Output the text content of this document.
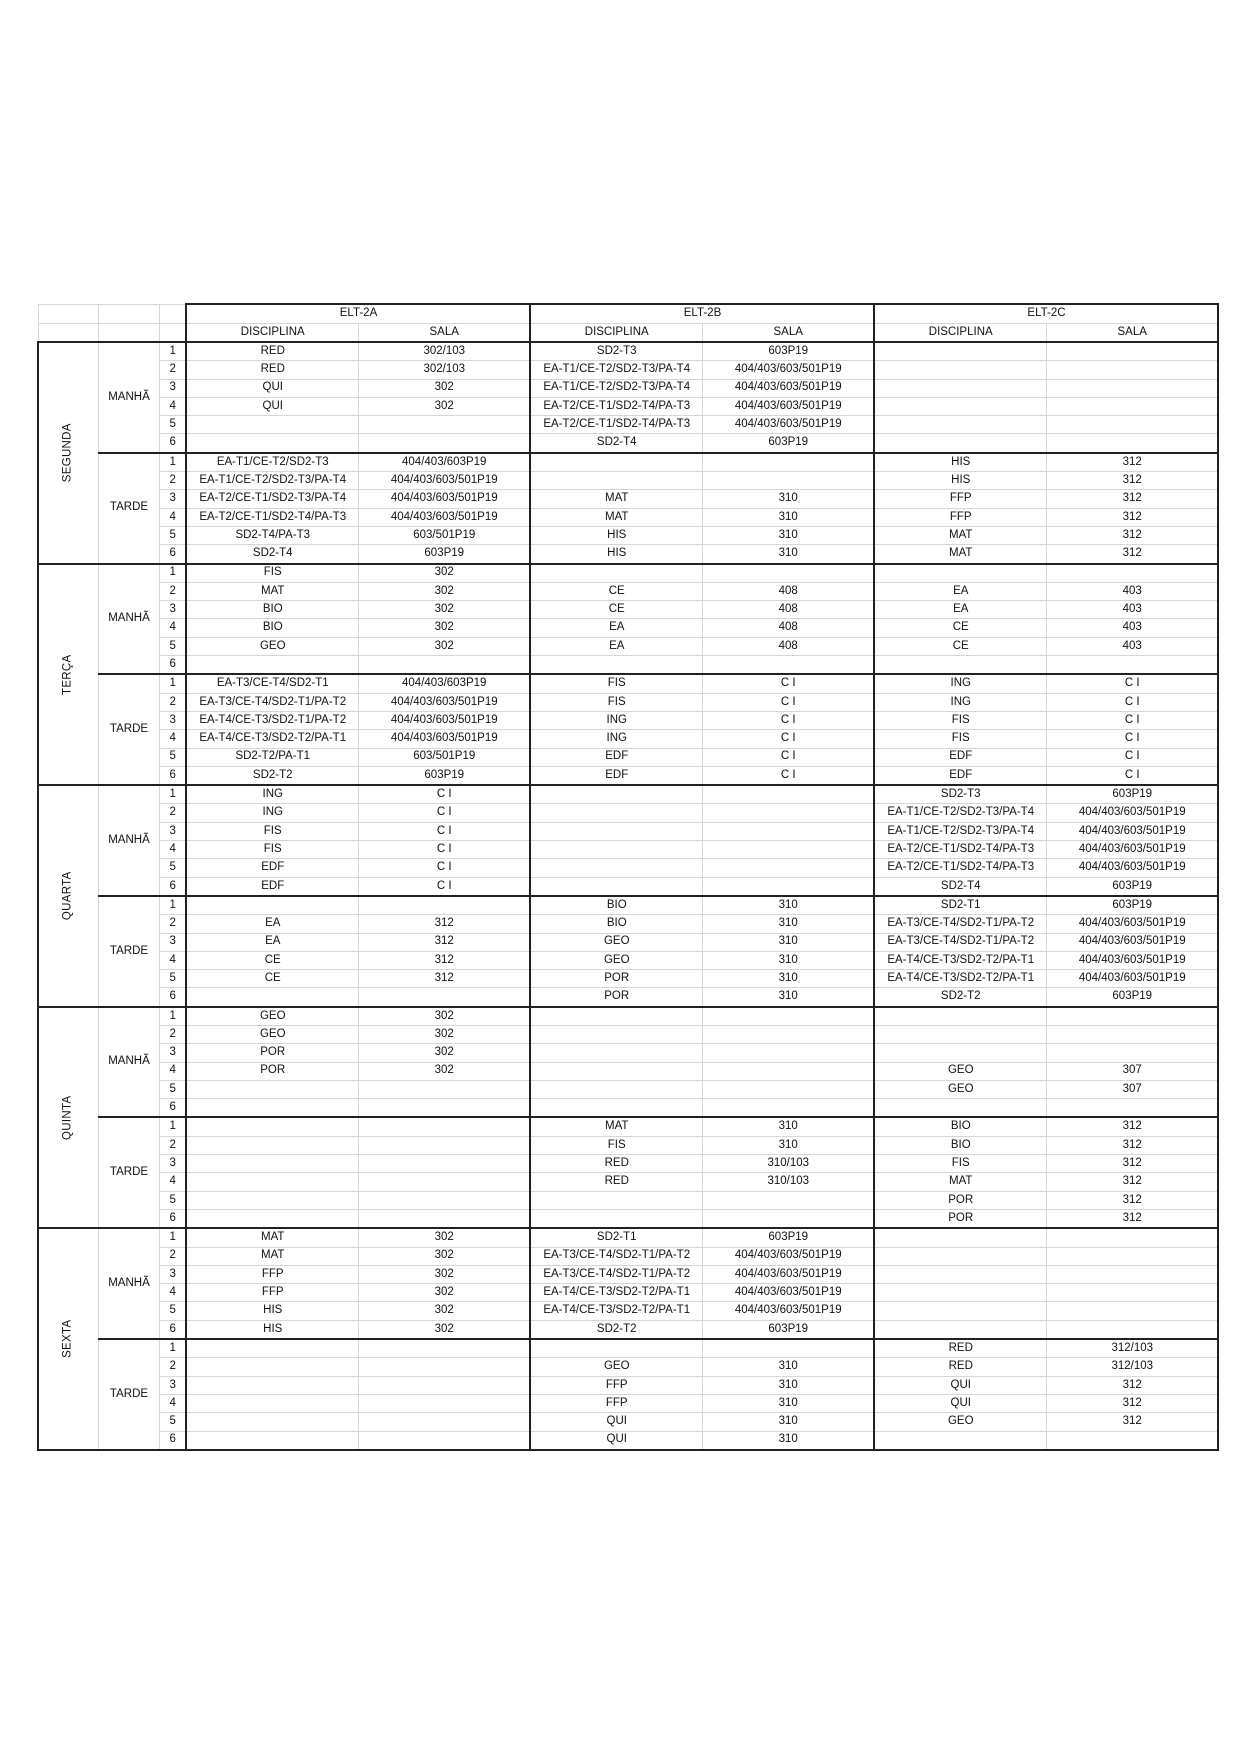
			ELT-2A		ELT-2B		ELT-2C	
			DISCIPLINA	SALA	DISCIPLINA	SALA	DISCIPLINA	SALA
SEGUNDA	MANHÃ	1	RED	302/103	SD2-T3	603P19		
		2	RED	302/103	EA-T1/CE-T2/SD2-T3/PA-T4	404/403/603/501P19		
		3	QUI	302	EA-T1/CE-T2/SD2-T3/PA-T4	404/403/603/501P19		
		4	QUI	302	EA-T2/CE-T1/SD2-T4/PA-T3	404/403/603/501P19		
		5			EA-T2/CE-T1/SD2-T4/PA-T3	404/403/603/501P19		
		6			SD2-T4	603P19		
	TARDE	1	EA-T1/CE-T2/SD2-T3	404/403/603P19			HIS	312
		2	EA-T1/CE-T2/SD2-T3/PA-T4	404/403/603/501P19			HIS	312
		3	EA-T2/CE-T1/SD2-T3/PA-T4	404/403/603/501P19	MAT	310	FFP	312
		4	EA-T2/CE-T1/SD2-T4/PA-T3	404/403/603/501P19	MAT	310	FFP	312
		5	SD2-T4/PA-T3	603/501P19	HIS	310	MAT	312
		6	SD2-T4	603P19	HIS	310	MAT	312
TERÇA	MANHÃ	1	FIS	302				
		2	MAT	302	CE	408	EA	403
		3	BIO	302	CE	408	EA	403
		4	BIO	302	EA	408	CE	403
		5	GEO	302	EA	408	CE	403
		6						
	TARDE	1	EA-T3/CE-T4/SD2-T1	404/403/603P19	FIS	C I	ING	C I
		2	EA-T3/CE-T4/SD2-T1/PA-T2	404/403/603/501P19	FIS	C I	ING	C I
		3	EA-T4/CE-T3/SD2-T1/PA-T2	404/403/603/501P19	ING	C I	FIS	C I
		4	EA-T4/CE-T3/SD2-T2/PA-T1	404/403/603/501P19	ING	C I	FIS	C I
		5	SD2-T2/PA-T1	603/501P19	EDF	C I	EDF	C I
		6	SD2-T2	603P19	EDF	C I	EDF	C I
QUARTA	MANHÃ	1	ING	C I			SD2-T3	603P19
		2	ING	C I			EA-T1/CE-T2/SD2-T3/PA-T4	404/403/603/501P19
		3	FIS	C I			EA-T1/CE-T2/SD2-T3/PA-T4	404/403/603/501P19
		4	FIS	C I			EA-T2/CE-T1/SD2-T4/PA-T3	404/403/603/501P19
		5	EDF	C I			EA-T2/CE-T1/SD2-T4/PA-T3	404/403/603/501P19
		6	EDF	C I			SD2-T4	603P19
	TARDE	1			BIO	310	SD2-T1	603P19
		2	EA	312	BIO	310	EA-T3/CE-T4/SD2-T1/PA-T2	404/403/603/501P19
		3	EA	312	GEO	310	EA-T3/CE-T4/SD2-T1/PA-T2	404/403/603/501P19
		4	CE	312	GEO	310	EA-T4/CE-T3/SD2-T2/PA-T1	404/403/603/501P19
		5	CE	312	POR	310	EA-T4/CE-T3/SD2-T2/PA-T1	404/403/603/501P19
		6			POR	310	SD2-T2	603P19
QUINTA	MANHÃ	1	GEO	302				
		2	GEO	302				
		3	POR	302				
		4	POR	302			GEO	307
		5					GEO	307
		6						
	TARDE	1			MAT	310	BIO	312
		2			FIS	310	BIO	312
		3			RED	310/103	FIS	312
		4			RED	310/103	MAT	312
		5					POR	312
		6					POR	312
SEXTA	MANHÃ	1	MAT	302	SD2-T1	603P19		
		2	MAT	302	EA-T3/CE-T4/SD2-T1/PA-T2	404/403/603/501P19		
		3	FFP	302	EA-T3/CE-T4/SD2-T1/PA-T2	404/403/603/501P19		
		4	FFP	302	EA-T4/CE-T3/SD2-T2/PA-T1	404/403/603/501P19		
		5	HIS	302	EA-T4/CE-T3/SD2-T2/PA-T1	404/403/603/501P19		
		6	HIS	302	SD2-T2	603P19		
	TARDE	1					RED	312/103
		2			GEO	310	RED	312/103
		3			FFP	310	QUI	312
		4			FFP	310	QUI	312
		5			QUI	310	GEO	312
		6			QUI	310		
